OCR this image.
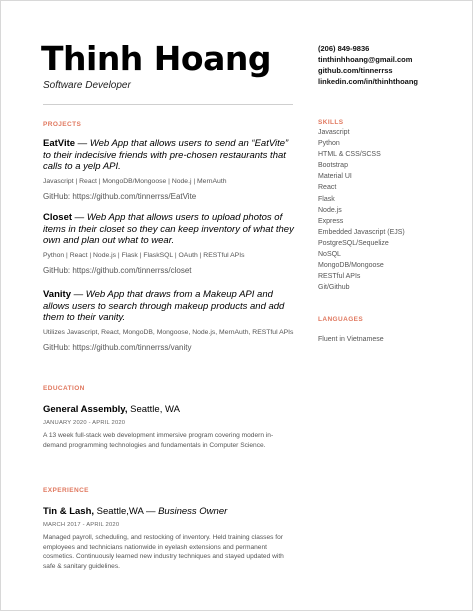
Thinh Hoang
Software Developer
(206) 849-9836
tinthinhhoang@gmail.com
github.com/tinnerrss
linkedin.com/in/thinhthoang
PROJECTS
EatVite — Web App that allows users to send an “EatVite” to their indecisive friends with pre-chosen restaurants that calls to a yelp API.
Javascript | React | MongoDB/Mongoose | Node.j | MernAuth
GitHub: https://github.com/tinnerrss/EatVite
Closet — Web App that allows users to upload photos of items in their closet so they can keep inventory of what they own and plan out what to wear.
Python | React | Node.js | Flask | FlaskSQL | OAuth | RESTful APIs
GitHub: https://github.com/tinnerrss/closet
Vanity — Web App that draws from a Makeup API and allows users to search through makeup products and add them to their vanity.
Utilizes Javascript, React, MongoDB, Mongoose, Node.js, MernAuth, RESTful APIs
GitHub: https://github.com/tinnerrss/vanity
EDUCATION
General Assembly, Seattle, WA
JANUARY 2020 - APRIL 2020
A 13 week full-stack web development immersive program covering modern in-demand programming technologies and fundamentals in Computer Science.
EXPERIENCE
Tin & Lash, Seattle,WA — Business Owner
MARCH 2017 - APRIL 2020
Managed payroll, scheduling, and restocking of inventory. Held training classes for employees and technicians nationwide in eyelash extensions and permanent cosmetics. Continuously learned new industry techniques and stayed updated with safe & sanitary guidelines.
SKILLS
Javascript
Python
HTML & CSS/SCSS
Bootstrap
Material UI
React
Flask
Node.js
Express
Embedded Javascript (EJS)
PostgreSQL/Sequelize
NoSQL
MongoDB/Mongoose
RESTful APIs
Git/Github
LANGUAGES
Fluent in Vietnamese
